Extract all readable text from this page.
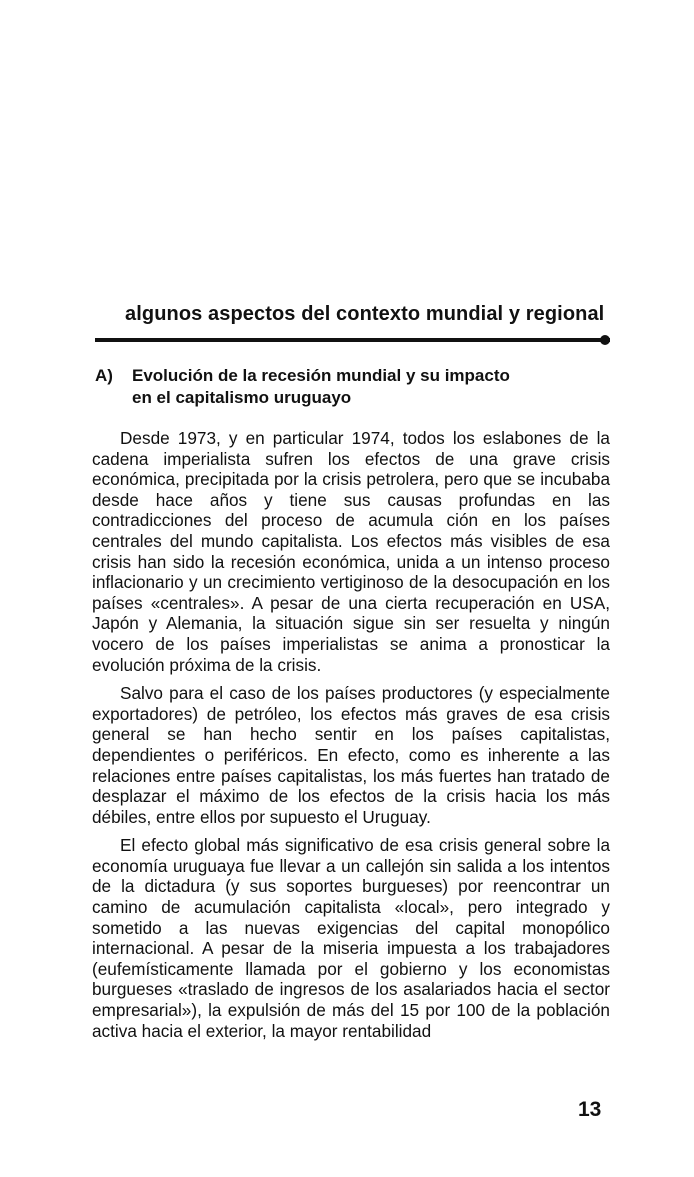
algunos aspectos del contexto mundial y regional
A) Evolución de la recesión mundial y su impacto
en el capitalismo uruguayo

Desde 1973, y en particular 1974, todos los eslabones de la cadena imperialista sufren los efectos de una grave crisis económica, precipitada por la crisis petrolera, pero que se incubaba desde hace años y tiene sus causas profundas en las contradicciones del proceso de acumula ción en los países centrales del mundo capitalista. Los efectos más visibles de esa crisis han sido la recesión económica, unida a un intenso proceso inflacionario y un crecimiento vertiginoso de la desocupación en los países «centrales». A pesar de una cierta recuperación en USA, Japón y Alemania, la situación sigue sin ser resuelta y ningún vocero de los países imperialistas se anima a pronosticar la evolución próxima de la crisis.

Salvo para el caso de los países productores (y especialmente exportadores) de petróleo, los efectos más graves de esa crisis general se han hecho sentir en los países capitalistas, dependientes o periféricos. En efecto, como es inherente a las relaciones entre países capitalistas, los más fuertes han tratado de desplazar el máximo de los efectos de la crisis hacia los más débiles, entre ellos por supuesto el Uruguay.

El efecto global más significativo de esa crisis general sobre la economía uruguaya fue llevar a un callejón sin salida a los intentos de la dictadura (y sus soportes burgueses) por reencontrar un camino de acumulación capitalista «local», pero integrado y sometido a las nuevas exigencias del capital monopólico internacional. A pesar de la miseria impuesta a los trabajadores (eufemísticamente llamada por el gobierno y los economistas burgueses «traslado de ingresos de los asalariados hacia el sector empresarial»), la expulsión de más del 15 por 100 de la población activa hacia el exterior, la mayor rentabilidad

13
